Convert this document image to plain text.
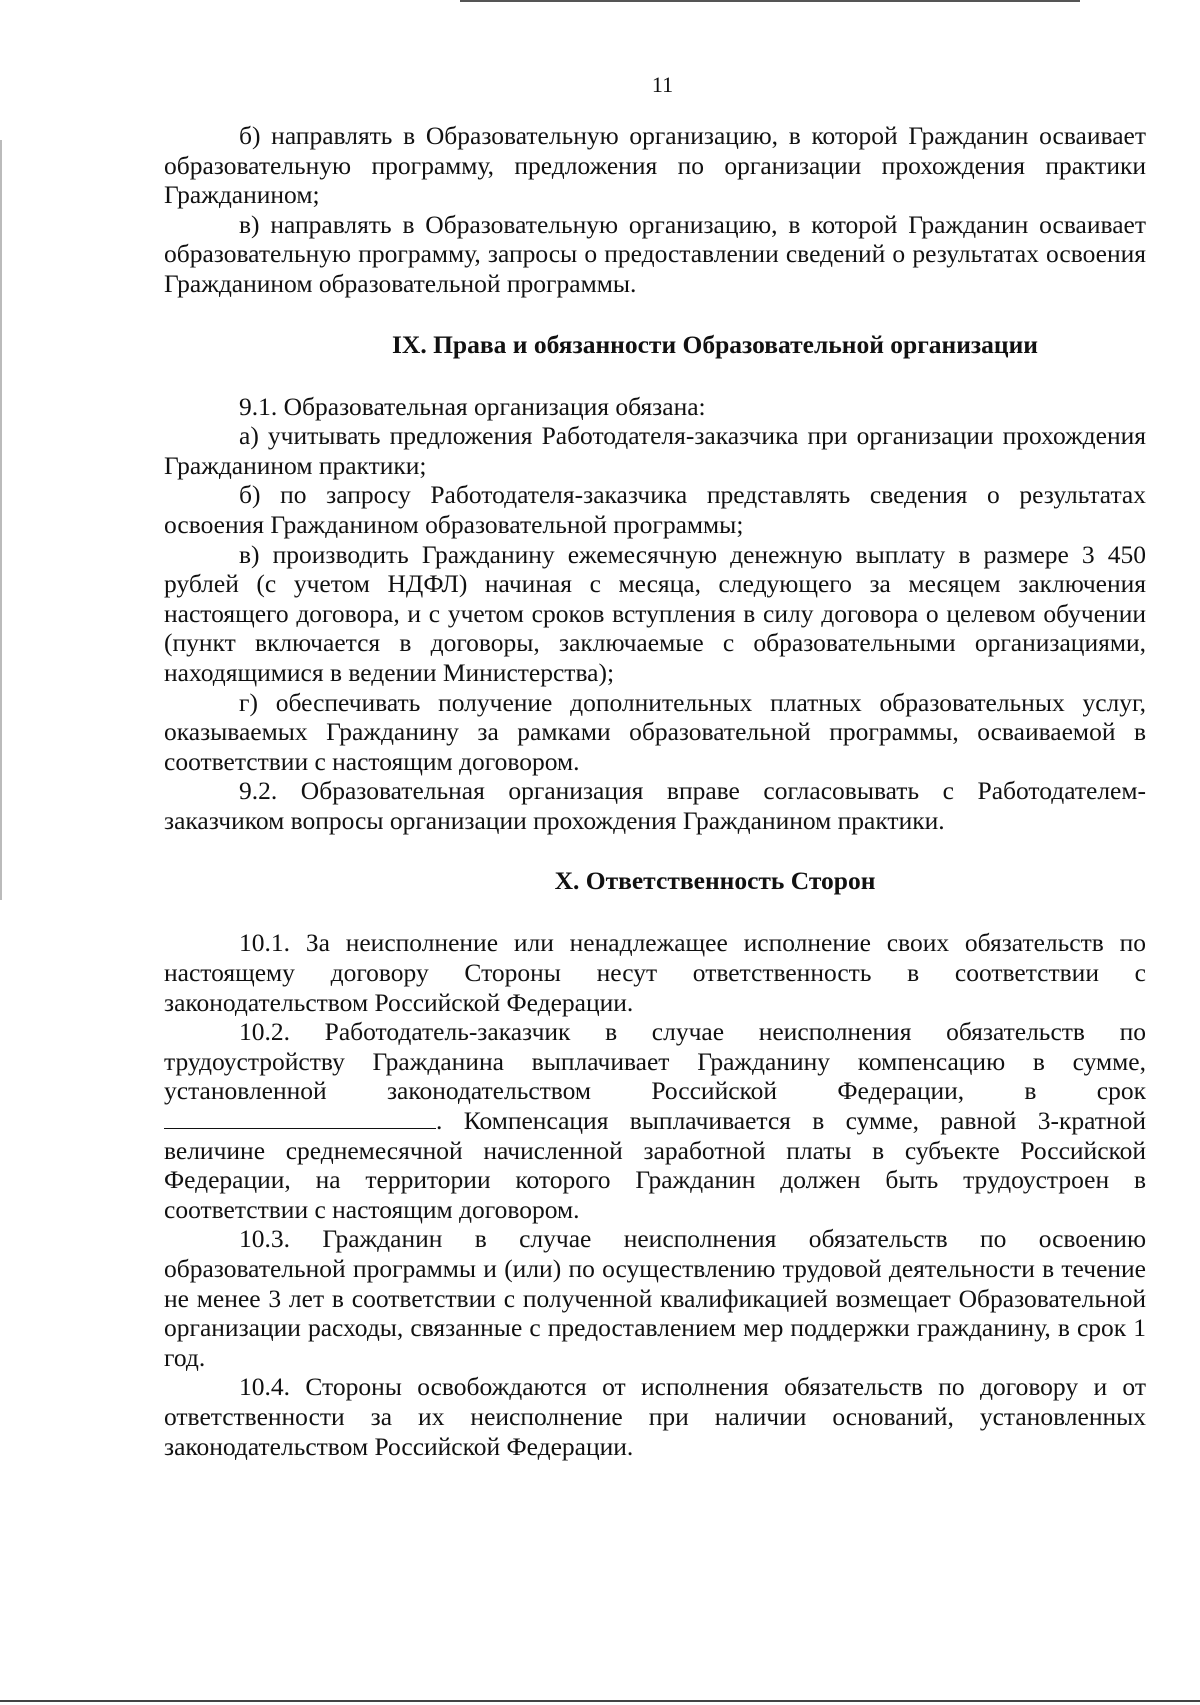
11

б) направлять в Образовательную организацию, в которой Гражданин осваивает образовательную программу, предложения по организации прохождения практики Гражданином;

в) направлять в Образовательную организацию, в которой Гражданин осваивает образовательную программу, запросы о предоставлении сведений о результатах освоения Гражданином образовательной программы.

IX. Права и обязанности Образовательной организации

9.1. Образовательная организация обязана:

а) учитывать предложения Работодателя-заказчика при организации прохождения Гражданином практики;

б) по запросу Работодателя-заказчика представлять сведения о результатах освоения Гражданином образовательной программы;

в) производить Гражданину ежемесячную денежную выплату в размере 3 450 рублей (с учетом НДФЛ) начиная с месяца, следующего за месяцем заключения настоящего договора, и с учетом сроков вступления в силу договора о целевом обучении (пункт включается в договоры, заключаемые с образовательными организациями, находящимися в ведении Министерства);

г) обеспечивать получение дополнительных платных образовательных услуг, оказываемых Гражданину за рамками образовательной программы, осваиваемой в соответствии с настоящим договором.

9.2. Образовательная организация вправе согласовывать с Работодателем-заказчиком вопросы организации прохождения Гражданином практики.

X. Ответственность Сторон

10.1. За неисполнение или ненадлежащее исполнение своих обязательств по настоящему договору Стороны несут ответственность в соответствии с законодательством Российской Федерации.

10.2. Работодатель-заказчик в случае неисполнения обязательств по трудоустройству Гражданина выплачивает Гражданину компенсацию в сумме, установленной законодательством Российской Федерации, в срок . Компенсация выплачивается в сумме, равной 3-кратной величине среднемесячной начисленной заработной платы в субъекте Российской Федерации, на территории которого Гражданин должен быть трудоустроен в соответствии с настоящим договором.

10.3. Гражданин в случае неисполнения обязательств по освоению образовательной программы и (или) по осуществлению трудовой деятельности в течение не менее 3 лет в соответствии с полученной квалификацией возмещает Образовательной организации расходы, связанные с предоставлением мер поддержки гражданину, в срок 1 год.

10.4. Стороны освобождаются от исполнения обязательств по договору и от ответственности за их неисполнение при наличии оснований, установленных законодательством Российской Федерации.
